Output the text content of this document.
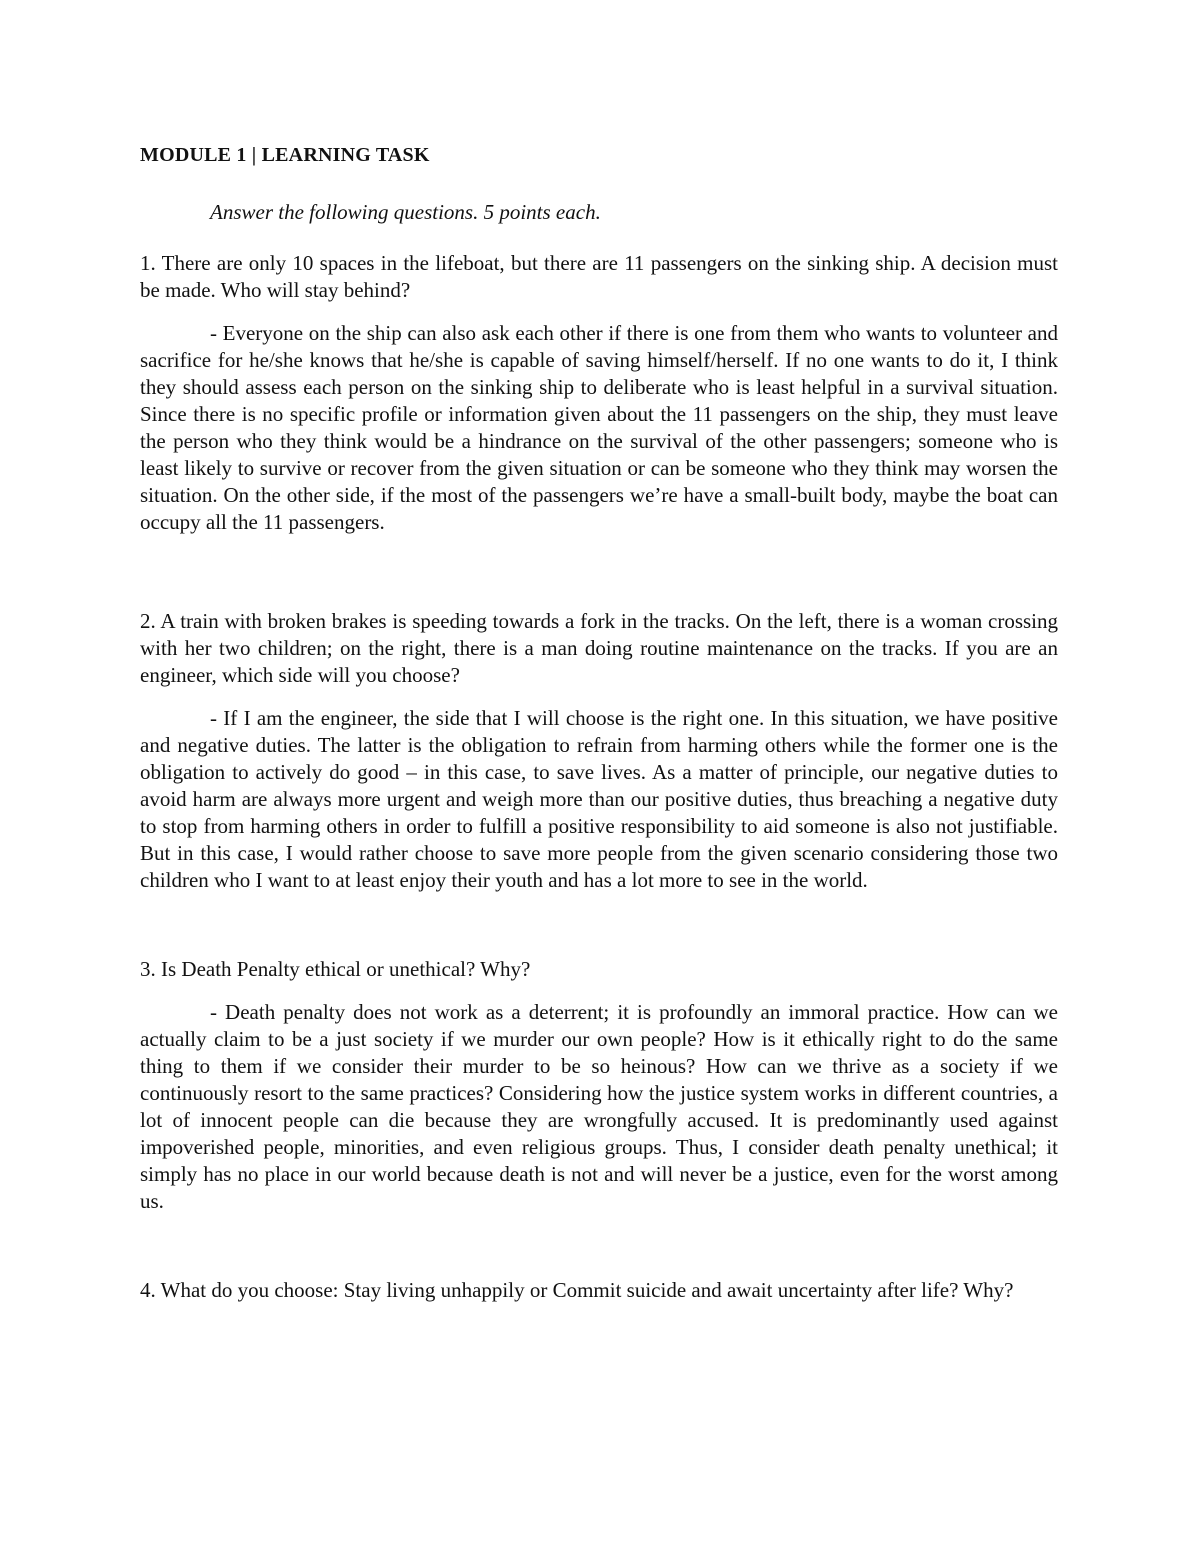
MODULE 1 | LEARNING TASK

Answer the following questions. 5 points each.

1. There are only 10 spaces in the lifeboat, but there are 11 passengers on the sinking ship. A decision must be made. Who will stay behind?

- Everyone on the ship can also ask each other if there is one from them who wants to volunteer and sacrifice for he/she knows that he/she is capable of saving himself/herself. If no one wants to do it, I think they should assess each person on the sinking ship to deliberate who is least helpful in a survival situation. Since there is no specific profile or information given about the 11 passengers on the ship, they must leave the person who they think would be a hindrance on the survival of the other passengers; someone who is least likely to survive or recover from the given situation or can be someone who they think may worsen the situation. On the other side, if the most of the passengers we’re have a small-built body, maybe the boat can occupy all the 11 passengers.

2. A train with broken brakes is speeding towards a fork in the tracks. On the left, there is a woman crossing with her two children; on the right, there is a man doing routine maintenance on the tracks. If you are an engineer, which side will you choose?

- If I am the engineer, the side that I will choose is the right one. In this situation, we have positive and negative duties. The latter is the obligation to refrain from harming others while the former one is the obligation to actively do good – in this case, to save lives. As a matter of principle, our negative duties to avoid harm are always more urgent and weigh more than our positive duties, thus breaching a negative duty to stop from harming others in order to fulfill a positive responsibility to aid someone is also not justifiable. But in this case, I would rather choose to save more people from the given scenario considering those two children who I want to at least enjoy their youth and has a lot more to see in the world.

3. Is Death Penalty ethical or unethical? Why?

- Death penalty does not work as a deterrent; it is profoundly an immoral practice. How can we actually claim to be a just society if we murder our own people? How is it ethically right to do the same thing to them if we consider their murder to be so heinous? How can we thrive as a society if we continuously resort to the same practices? Considering how the justice system works in different countries, a lot of innocent people can die because they are wrongfully accused. It is predominantly used against impoverished people, minorities, and even religious groups. Thus, I consider death penalty unethical; it simply has no place in our world because death is not and will never be a justice, even for the worst among us.

4. What do you choose: Stay living unhappily or Commit suicide and await uncertainty after life? Why?
